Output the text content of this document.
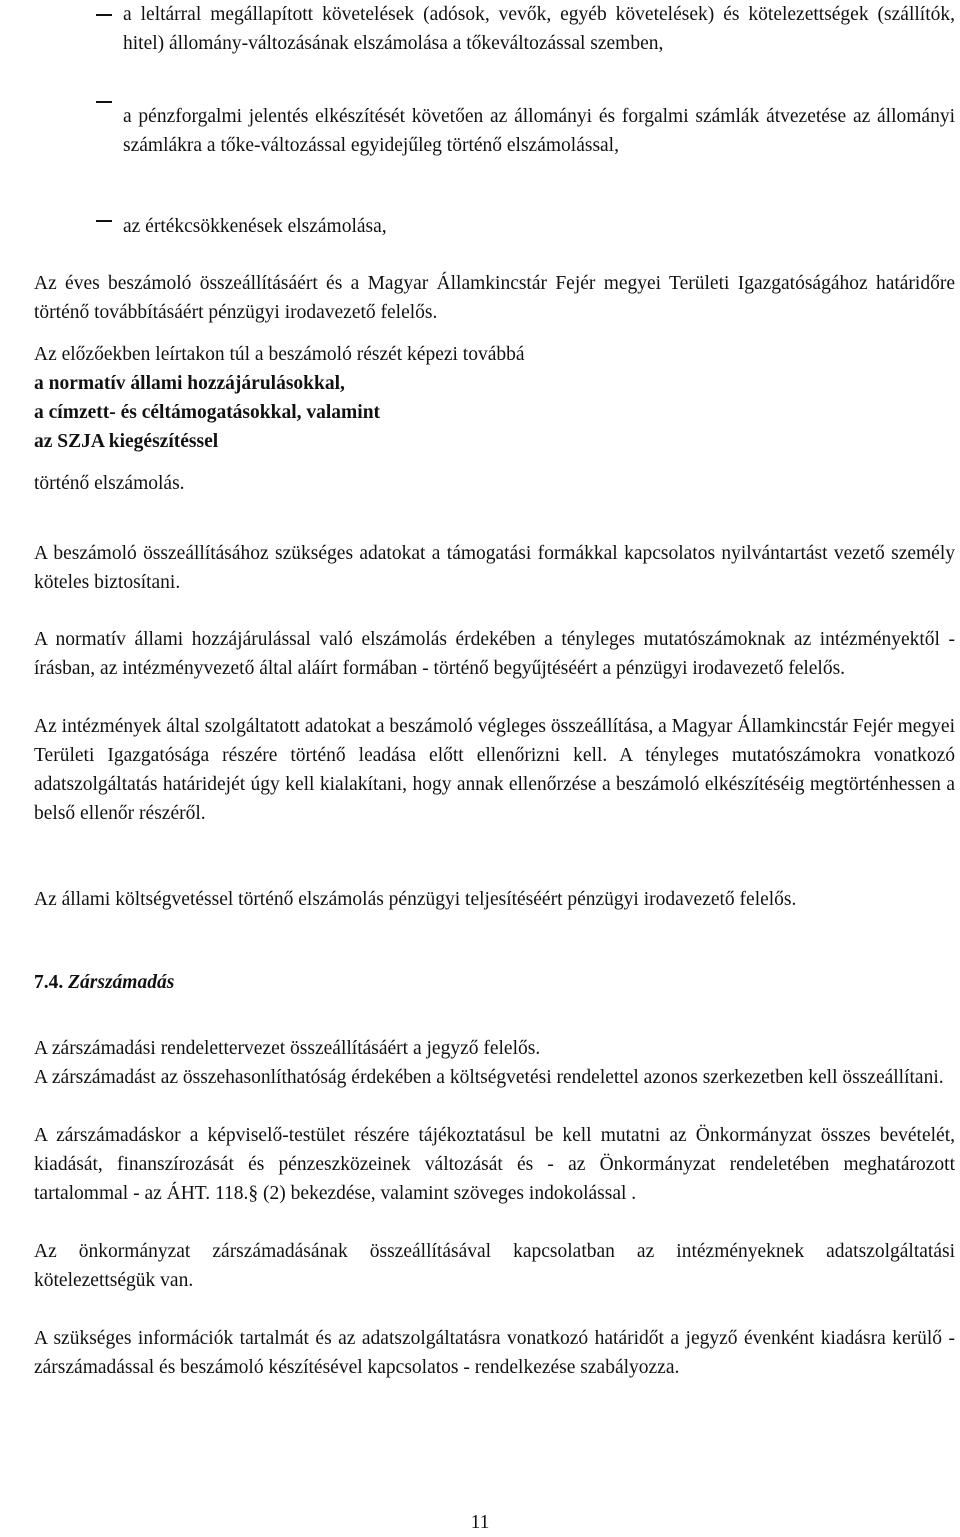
a leltárral megállapított követelések (adósok, vevők, egyéb követelések) és kötelezettségek (szállítók, hitel) állomány-változásának elszámolása a tőkeváltozással szemben,

a pénzforgalmi jelentés elkészítését követően az állományi és forgalmi számlák átvezetése az állományi számlákra a tőke-változással egyidejűleg történő elszámolással,

az értékcsökkenések elszámolása,

Az éves beszámoló összeállításáért és a Magyar Államkincstár Fejér megyei Területi Igazgatóságához határidőre történő továbbításáért pénzügyi irodavezető felelős.

Az előzőekben leírtakon túl a beszámoló részét képezi továbbá

a normatív állami hozzájárulásokkal,

a címzett- és céltámogatásokkal, valamint

az SZJA kiegészítéssel

történő elszámolás.

A beszámoló összeállításához szükséges adatokat a támogatási formákkal kapcsolatos nyilvántartást vezető személy köteles biztosítani.

A normatív állami hozzájárulással való elszámolás érdekében a tényleges mutatószámoknak az intézményektől - írásban, az intézményvezető által aláírt formában - történő begyűjtéséért a pénzügyi irodavezető felelős.

Az intézmények által szolgáltatott adatokat a beszámoló végleges összeállítása, a Magyar Államkincstár Fejér megyei Területi Igazgatósága részére történő leadása előtt ellenőrizni kell. A tényleges mutatószámokra vonatkozó adatszolgáltatás határidejét úgy kell kialakítani, hogy annak ellenőrzése a beszámoló elkészítéséig megtörténhessen a belső ellenőr részéről.

Az állami költségvetéssel történő elszámolás pénzügyi teljesítéséért pénzügyi irodavezető felelős.

7.4. Zárszámadás

A zárszámadási rendelettervezet összeállításáért a jegyző felelős.

A zárszámadást az összehasonlíthatóság érdekében a költségvetési rendelettel azonos szerkezetben kell összeállítani.

A zárszámadáskor a képviselő-testület részére tájékoztatásul be kell mutatni az Önkormányzat összes bevételét, kiadását, finanszírozását és pénzeszközeinek változását és - az Önkormányzat rendeletében meghatározott tartalommal - az ÁHT. 118.§ (2) bekezdése, valamint szöveges indokolással .

Az önkormányzat zárszámadásának összeállításával kapcsolatban az intézményeknek adatszolgáltatási kötelezettségük van.

A szükséges információk tartalmát és az adatszolgáltatásra vonatkozó határidőt a jegyző évenként kiadásra kerülő - zárszámadással és beszámoló készítésével kapcsolatos - rendelkezése szabályozza.

11
